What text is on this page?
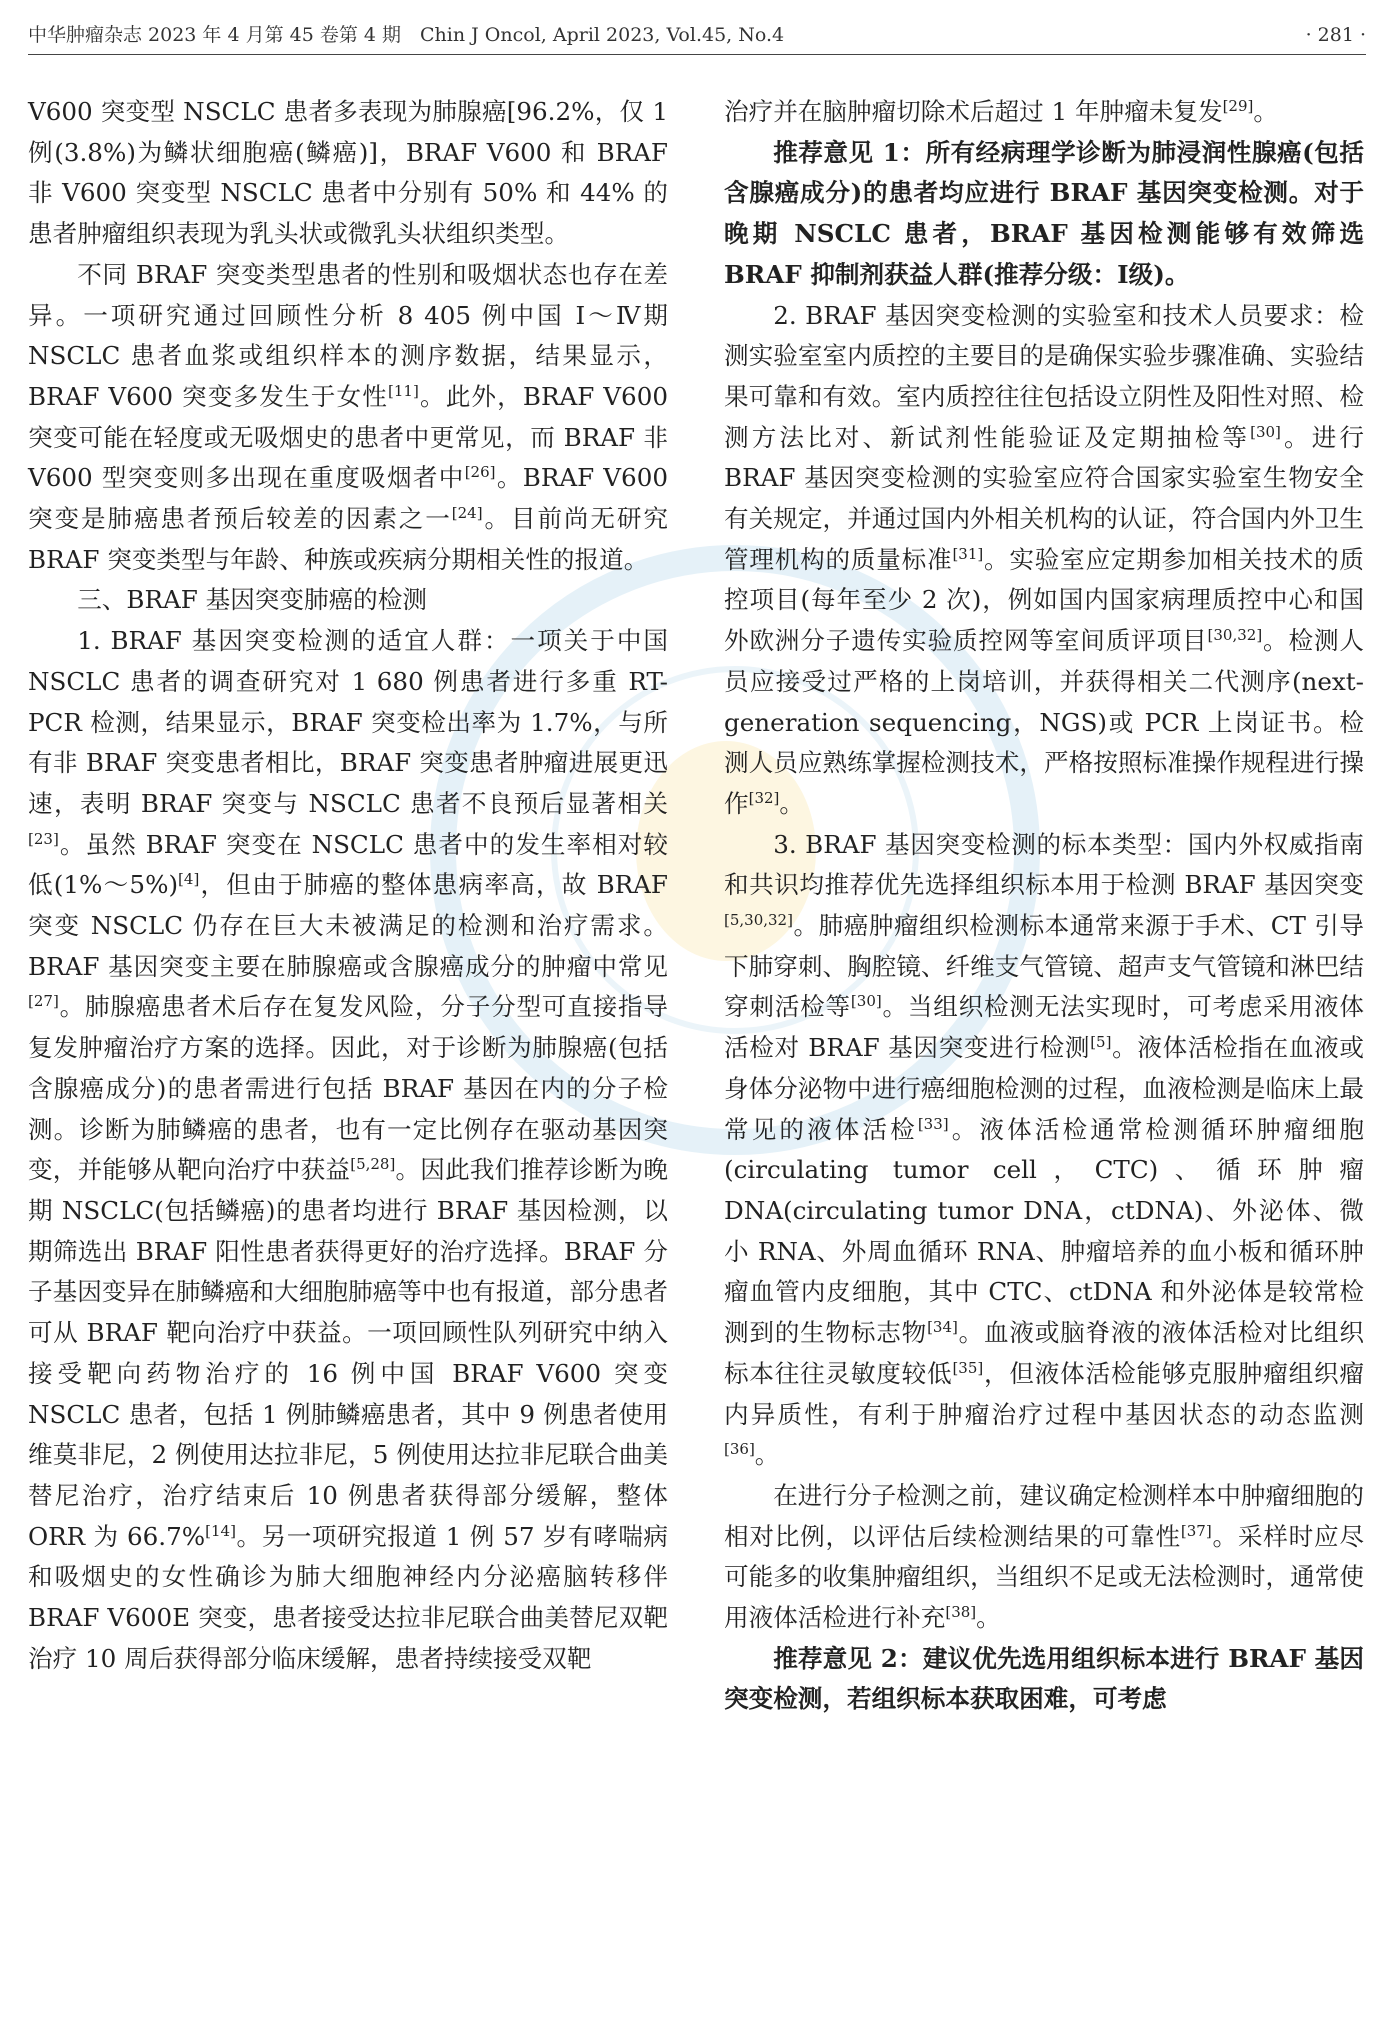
中华肿瘤杂志 2023 年 4 月第 45 卷第 4 期　Chin J Oncol, April 2023, Vol.45, No.4	· 281 ·

V600 突变型 NSCLC 患者多表现为肺腺癌[96.2%，仅 1 例(3.8%)为鳞状细胞癌(鳞癌)]，BRAF V600 和 BRAF 非 V600 突变型 NSCLC 患者中分别有 50% 和 44% 的患者肿瘤组织表现为乳头状或微乳头状组织类型。

不同 BRAF 突变类型患者的性别和吸烟状态也存在差异。一项研究通过回顾性分析 8 405 例中国 Ⅰ～Ⅳ期 NSCLC 患者血浆或组织样本的测序数据，结果显示，BRAF V600 突变多发生于女性[11]。此外，BRAF V600 突变可能在轻度或无吸烟史的患者中更常见，而 BRAF 非 V600 型突变则多出现在重度吸烟者中[26]。BRAF V600 突变是肺癌患者预后较差的因素之一[24]。目前尚无研究 BRAF 突变类型与年龄、种族或疾病分期相关性的报道。

三、BRAF 基因突变肺癌的检测

1. BRAF 基因突变检测的适宜人群：一项关于中国 NSCLC 患者的调查研究对 1 680 例患者进行多重 RT-PCR 检测，结果显示，BRAF 突变检出率为 1.7%，与所有非 BRAF 突变患者相比，BRAF 突变患者肿瘤进展更迅速，表明 BRAF 突变与 NSCLC 患者不良预后显著相关[23]。虽然 BRAF 突变在 NSCLC 患者中的发生率相对较低(1%～5%)[4]，但由于肺癌的整体患病率高，故 BRAF 突变 NSCLC 仍存在巨大未被满足的检测和治疗需求。BRAF 基因突变主要在肺腺癌或含腺癌成分的肿瘤中常见[27]。肺腺癌患者术后存在复发风险，分子分型可直接指导复发肿瘤治疗方案的选择。因此，对于诊断为肺腺癌(包括含腺癌成分)的患者需进行包括 BRAF 基因在内的分子检测。诊断为肺鳞癌的患者，也有一定比例存在驱动基因突变，并能够从靶向治疗中获益[5,28]。因此我们推荐诊断为晚期 NSCLC(包括鳞癌)的患者均进行 BRAF 基因检测，以期筛选出 BRAF 阳性患者获得更好的治疗选择。BRAF 分子基因变异在肺鳞癌和大细胞肺癌等中也有报道，部分患者可从 BRAF 靶向治疗中获益。一项回顾性队列研究中纳入接受靶向药物治疗的 16 例中国 BRAF V600 突变 NSCLC 患者，包括 1 例肺鳞癌患者，其中 9 例患者使用维莫非尼，2 例使用达拉非尼，5 例使用达拉非尼联合曲美替尼治疗，治疗结束后 10 例患者获得部分缓解，整体 ORR 为 66.7%[14]。另一项研究报道 1 例 57 岁有哮喘病和吸烟史的女性确诊为肺大细胞神经内分泌癌脑转移伴 BRAF V600E 突变，患者接受达拉非尼联合曲美替尼双靶治疗 10 周后获得部分临床缓解，患者持续接受双靶

治疗并在脑肿瘤切除术后超过 1 年肿瘤未复发[29]。

推荐意见 1：所有经病理学诊断为肺浸润性腺癌(包括含腺癌成分)的患者均应进行 BRAF 基因突变检测。对于晚期 NSCLC 患者，BRAF 基因检测能够有效筛选 BRAF 抑制剂获益人群(推荐分级：Ⅰ级)。

2. BRAF 基因突变检测的实验室和技术人员要求：检测实验室室内质控的主要目的是确保实验步骤准确、实验结果可靠和有效。室内质控往往包括设立阴性及阳性对照、检测方法比对、新试剂性能验证及定期抽检等[30]。进行 BRAF 基因突变检测的实验室应符合国家实验室生物安全有关规定，并通过国内外相关机构的认证，符合国内外卫生管理机构的质量标准[31]。实验室应定期参加相关技术的质控项目(每年至少 2 次)，例如国内国家病理质控中心和国外欧洲分子遗传实验质控网等室间质评项目[30,32]。检测人员应接受过严格的上岗培训，并获得相关二代测序(next-generation sequencing，NGS)或 PCR 上岗证书。检测人员应熟练掌握检测技术，严格按照标准操作规程进行操作[32]。

3. BRAF 基因突变检测的标本类型：国内外权威指南和共识均推荐优先选择组织标本用于检测 BRAF 基因突变[5,30,32]。肺癌肿瘤组织检测标本通常来源于手术、CT 引导下肺穿刺、胸腔镜、纤维支气管镜、超声支气管镜和淋巴结穿刺活检等[30]。当组织检测无法实现时，可考虑采用液体活检对 BRAF 基因突变进行检测[5]。液体活检指在血液或身体分泌物中进行癌细胞检测的过程，血液检测是临床上最常见的液体活检[33]。液体活检通常检测循环肿瘤细胞(circulating tumor cell，CTC)、循环肿瘤 DNA(circulating tumor DNA，ctDNA)、外泌体、微小 RNA、外周血循环 RNA、肿瘤培养的血小板和循环肿瘤血管内皮细胞，其中 CTC、ctDNA 和外泌体是较常检测到的生物标志物[34]。血液或脑脊液的液体活检对比组织标本往往灵敏度较低[35]，但液体活检能够克服肿瘤组织瘤内异质性，有利于肿瘤治疗过程中基因状态的动态监测[36]。

在进行分子检测之前，建议确定检测样本中肿瘤细胞的相对比例，以评估后续检测结果的可靠性[37]。采样时应尽可能多的收集肿瘤组织，当组织不足或无法检测时，通常使用液体活检进行补充[38]。

推荐意见 2：建议优先选用组织标本进行 BRAF 基因突变检测，若组织标本获取困难，可考虑
